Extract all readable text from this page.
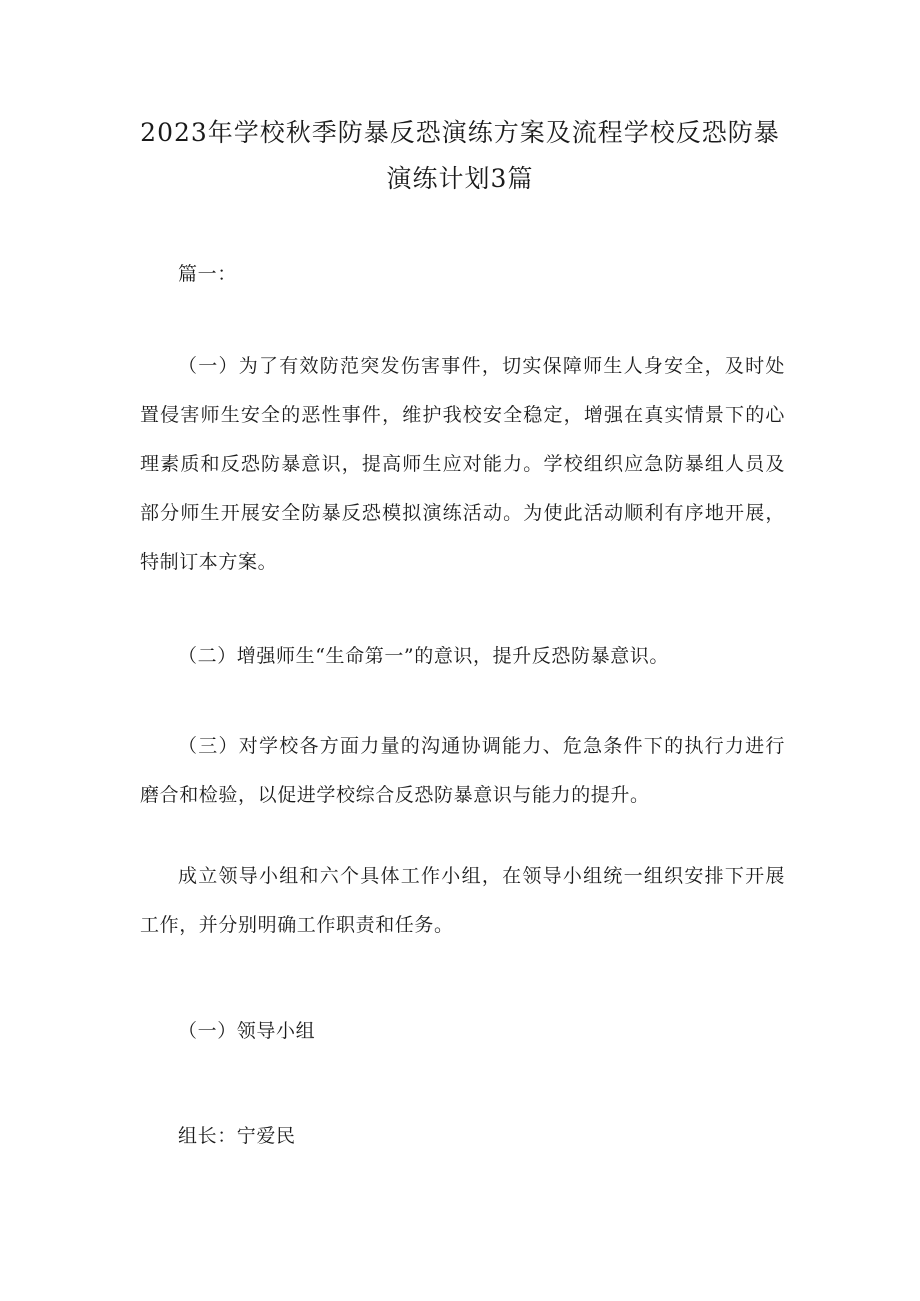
2023年学校秋季防暴反恐演练方案及流程学校反恐防暴演练计划3篇

篇一：

（一）为了有效防范突发伤害事件，切实保障师生人身安全，及时处置侵害师生安全的恶性事件，维护我校安全稳定，增强在真实情景下的心理素质和反恐防暴意识，提高师生应对能力。学校组织应急防暴组人员及部分师生开展安全防暴反恐模拟演练活动。为使此活动顺利有序地开展，特制订本方案。

（二）增强师生“生命第一”的意识，提升反恐防暴意识。

（三）对学校各方面力量的沟通协调能力、危急条件下的执行力进行磨合和检验，以促进学校综合反恐防暴意识与能力的提升。

成立领导小组和六个具体工作小组，在领导小组统一组织安排下开展工作，并分别明确工作职责和任务。

（一）领导小组

组长：宁爱民
